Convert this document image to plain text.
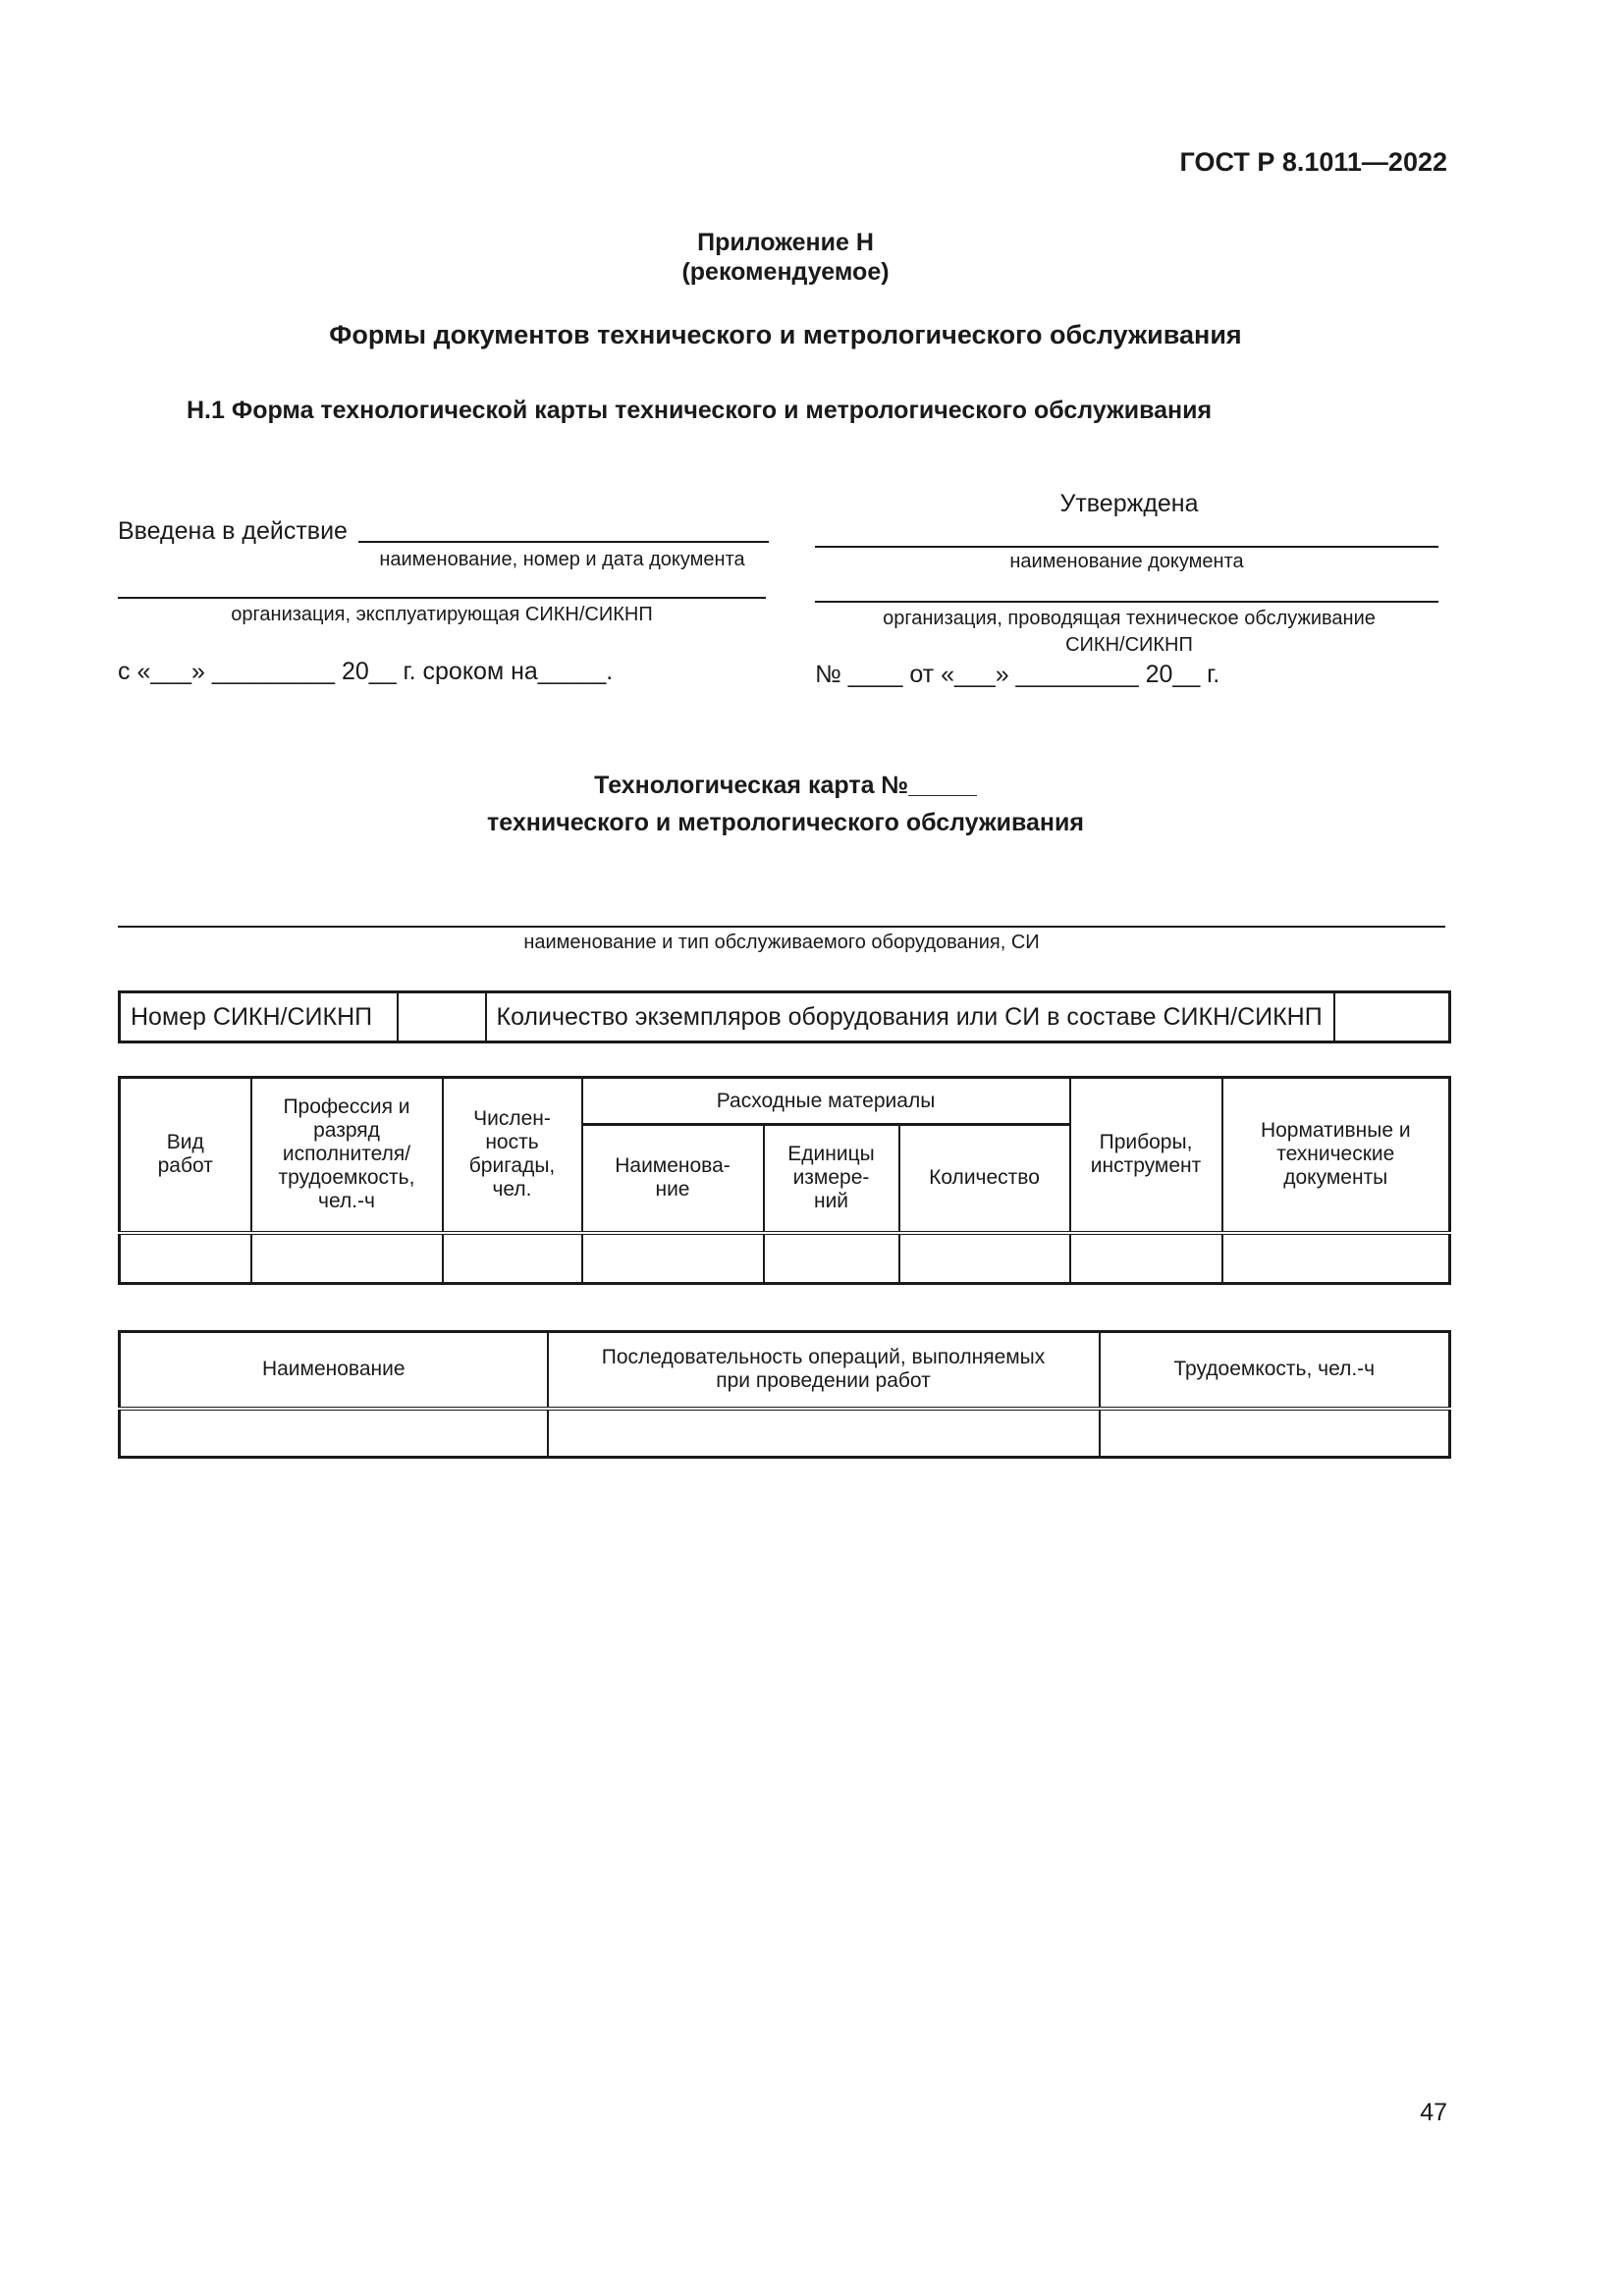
ГОСТ Р 8.1011—2022
Приложение Н
(рекомендуемое)
Формы документов технического и метрологического обслуживания
Н.1 Форма технологической карты технического и метрологического обслуживания
Введена в действие
наименование, номер и дата документа
организация, эксплуатирующая СИКН/СИКНП
с «___» _________ 20__ г. сроком на_____.
Утверждена
наименование документа
организация, проводящая техническое обслуживание
СИКН/СИКНП
№ ____ от «___» _________ 20__ г.
Технологическая карта №_____
технического и метрологического обслуживания
наименование и тип обслуживаемого оборудования, СИ
Номер СИКН/СИКНП		Количество экземпляров оборудования или СИ в составе СИКН/СИКНП	
Вид работ	Профессия и разряд исполнителя/ трудоемкость, чел.-ч	Числен- ность бригады, чел.	Расходные материалы			Приборы, инструмент	Нормативные и технические документы
			Наименова- ние	Единицы измере- ний	Количество		

Наименование	Последовательность операций, выполняемых при проведении работ	Трудоемкость, чел.-ч

47
